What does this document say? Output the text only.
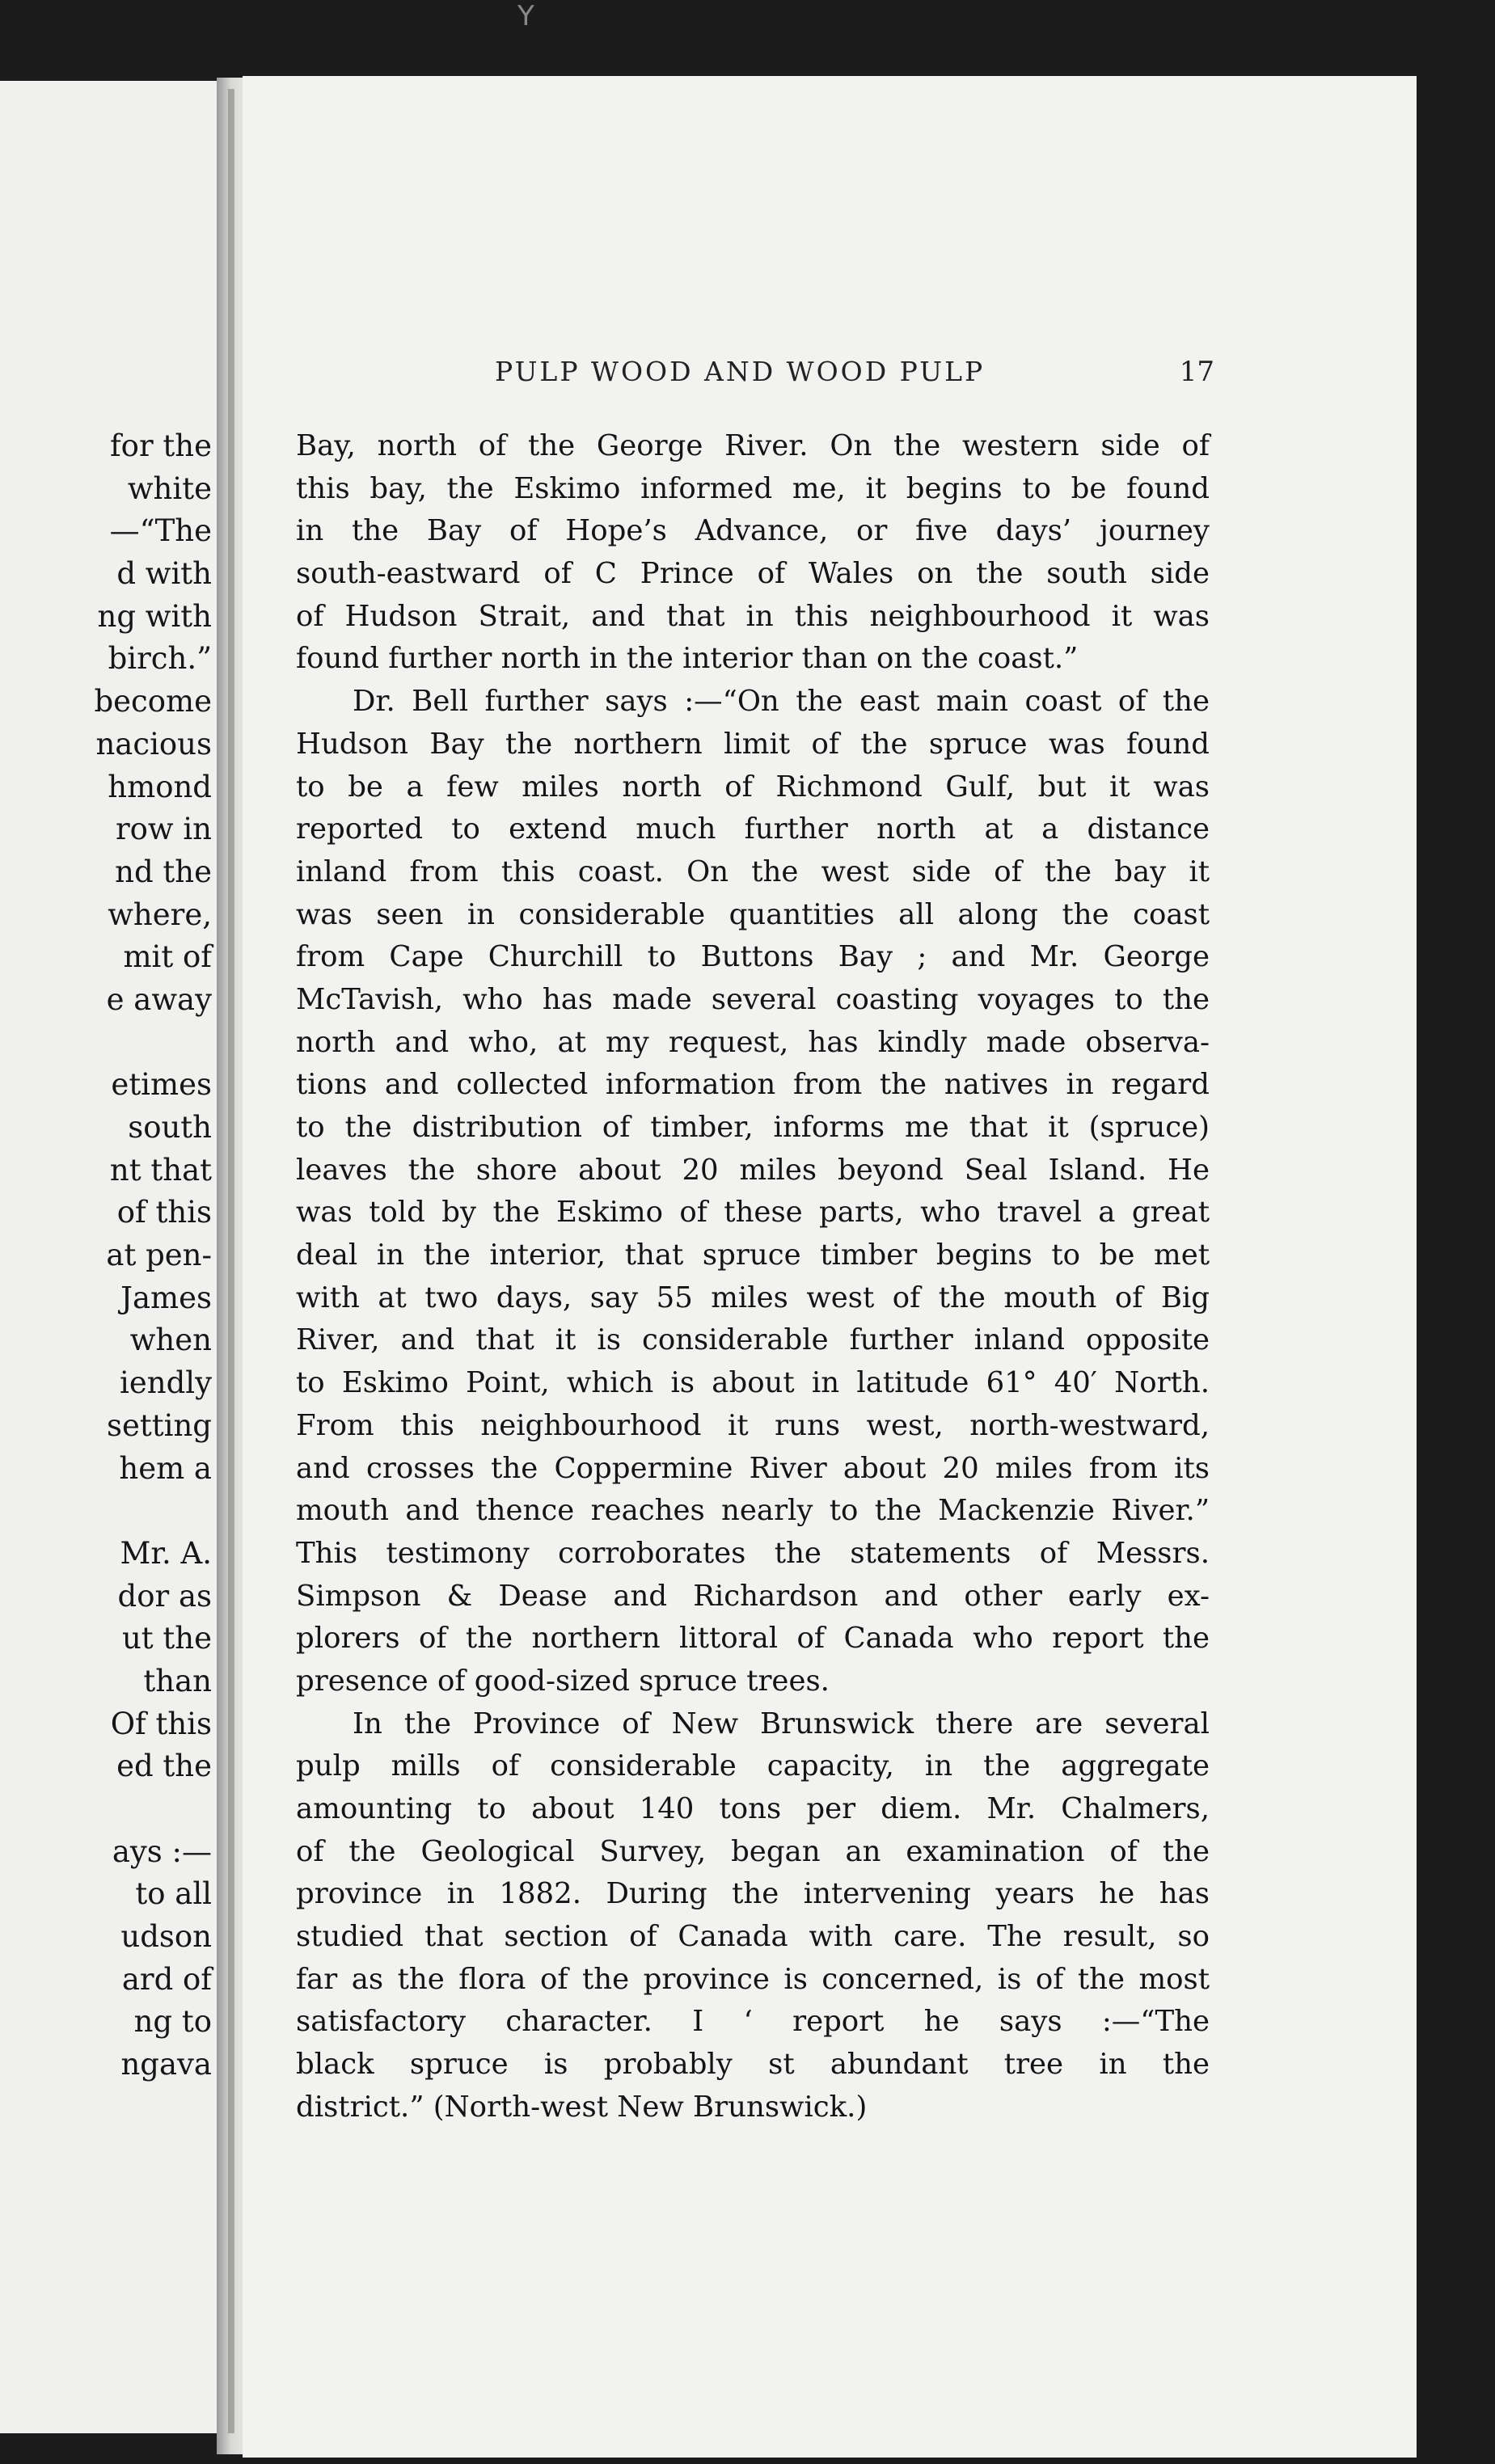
Y
for the
white
—“The
d with
ng with
birch.”
become
nacious
hmond
row in
nd the
where,
mit of
e away
etimes
south
nt that
of this
at pen-
James
when
iendly
setting
hem a
Mr. A.
dor as
ut the
than
Of this
ed the
ays :—
to all
udson
ard of
ng to
ngava
PULP WOOD AND WOOD PULP	17
Bay, north of the George River. On the western side of
this bay, the Eskimo informed me, it begins to be found
in the Bay of Hope’s Advance, or five days’ journey
south-eastward of C Prince of Wales on the south side
of Hudson Strait, and that in this neighbourhood it was
found further north in the interior than on the coast.”
Dr. Bell further says :—“On the east main coast of the
Hudson Bay the northern limit of the spruce was found
to be a few miles north of Richmond Gulf, but it was
reported to extend much further north at a distance
inland from this coast. On the west side of the bay it
was seen in considerable quantities all along the coast
from Cape Churchill to Buttons Bay ; and Mr. George
McTavish, who has made several coasting voyages to the
north and who, at my request, has kindly made observa-
tions and collected information from the natives in regard
to the distribution of timber, informs me that it (spruce)
leaves the shore about 20 miles beyond Seal Island. He
was told by the Eskimo of these parts, who travel a great
deal in the interior, that spruce timber begins to be met
with at two days, say 55 miles west of the mouth of Big
River, and that it is considerable further inland opposite
to Eskimo Point, which is about in latitude 61° 40′ North.
From this neighbourhood it runs west, north-westward,
and crosses the Coppermine River about 20 miles from its
mouth and thence reaches nearly to the Mackenzie River.”
This testimony corroborates the statements of Messrs.
Simpson & Dease and Richardson and other early ex-
plorers of the northern littoral of Canada who report the
presence of good-sized spruce trees.
In the Province of New Brunswick there are several
pulp mills of considerable capacity, in the aggregate
amounting to about 140 tons per diem. Mr. Chalmers,
of the Geological Survey, began an examination of the
province in 1882. During the intervening years he has
studied that section of Canada with care. The result, so
far as the flora of the province is concerned, is of the most
satisfactory character. I ‘ report he says :—“The
black spruce is probably st abundant tree in the
district.” (North-west New Brunswick.)
